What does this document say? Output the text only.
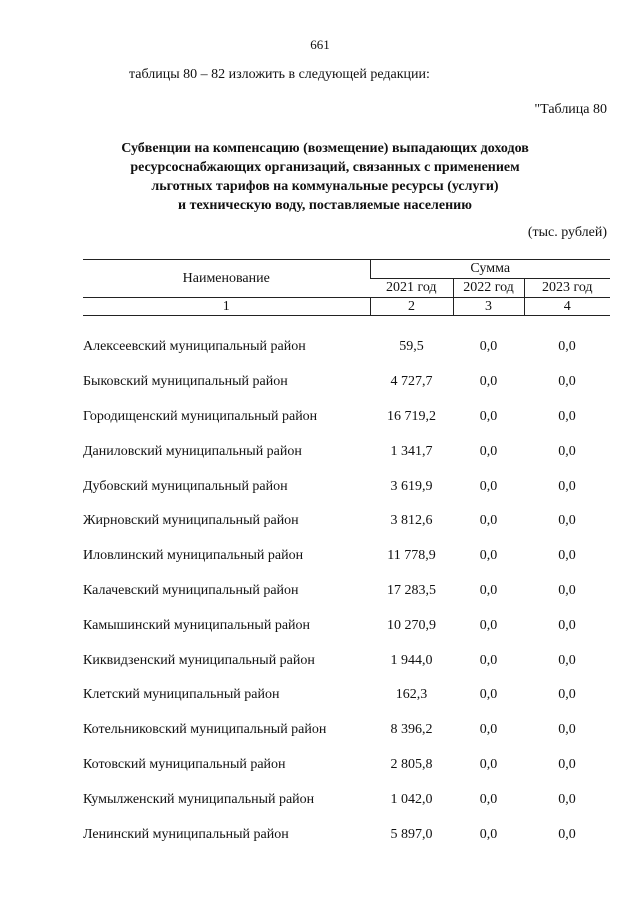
661
таблицы 80 – 82 изложить в следующей редакции:
"Таблица 80
Субвенции на компенсацию (возмещение) выпадающих доходов
ресурсоснабжающих организаций, связанных с применением
льготных тарифов на коммунальные ресурсы (услуги)
и техническую воду, поставляемые населению
(тыс. рублей)
Наименование	Сумма		
	2021 год	2022 год	2023 год
1	2	3	4

Алексеевский муниципальный район	59,5	0,0	0,0
Быковский муниципальный район	4 727,7	0,0	0,0
Городищенский муниципальный район	16 719,2	0,0	0,0
Даниловский муниципальный район	1 341,7	0,0	0,0
Дубовский муниципальный район	3 619,9	0,0	0,0
Жирновский муниципальный район	3 812,6	0,0	0,0
Иловлинский муниципальный район	11 778,9	0,0	0,0
Калачевский муниципальный район	17 283,5	0,0	0,0
Камышинский муниципальный район	10 270,9	0,0	0,0
Киквидзенский муниципальный район	1 944,0	0,0	0,0
Клетский муниципальный район	162,3	0,0	0,0
Котельниковский муниципальный район	8 396,2	0,0	0,0
Котовский муниципальный район	2 805,8	0,0	0,0
Кумылженский муниципальный район	1 042,0	0,0	0,0
Ленинский муниципальный район	5 897,0	0,0	0,0
